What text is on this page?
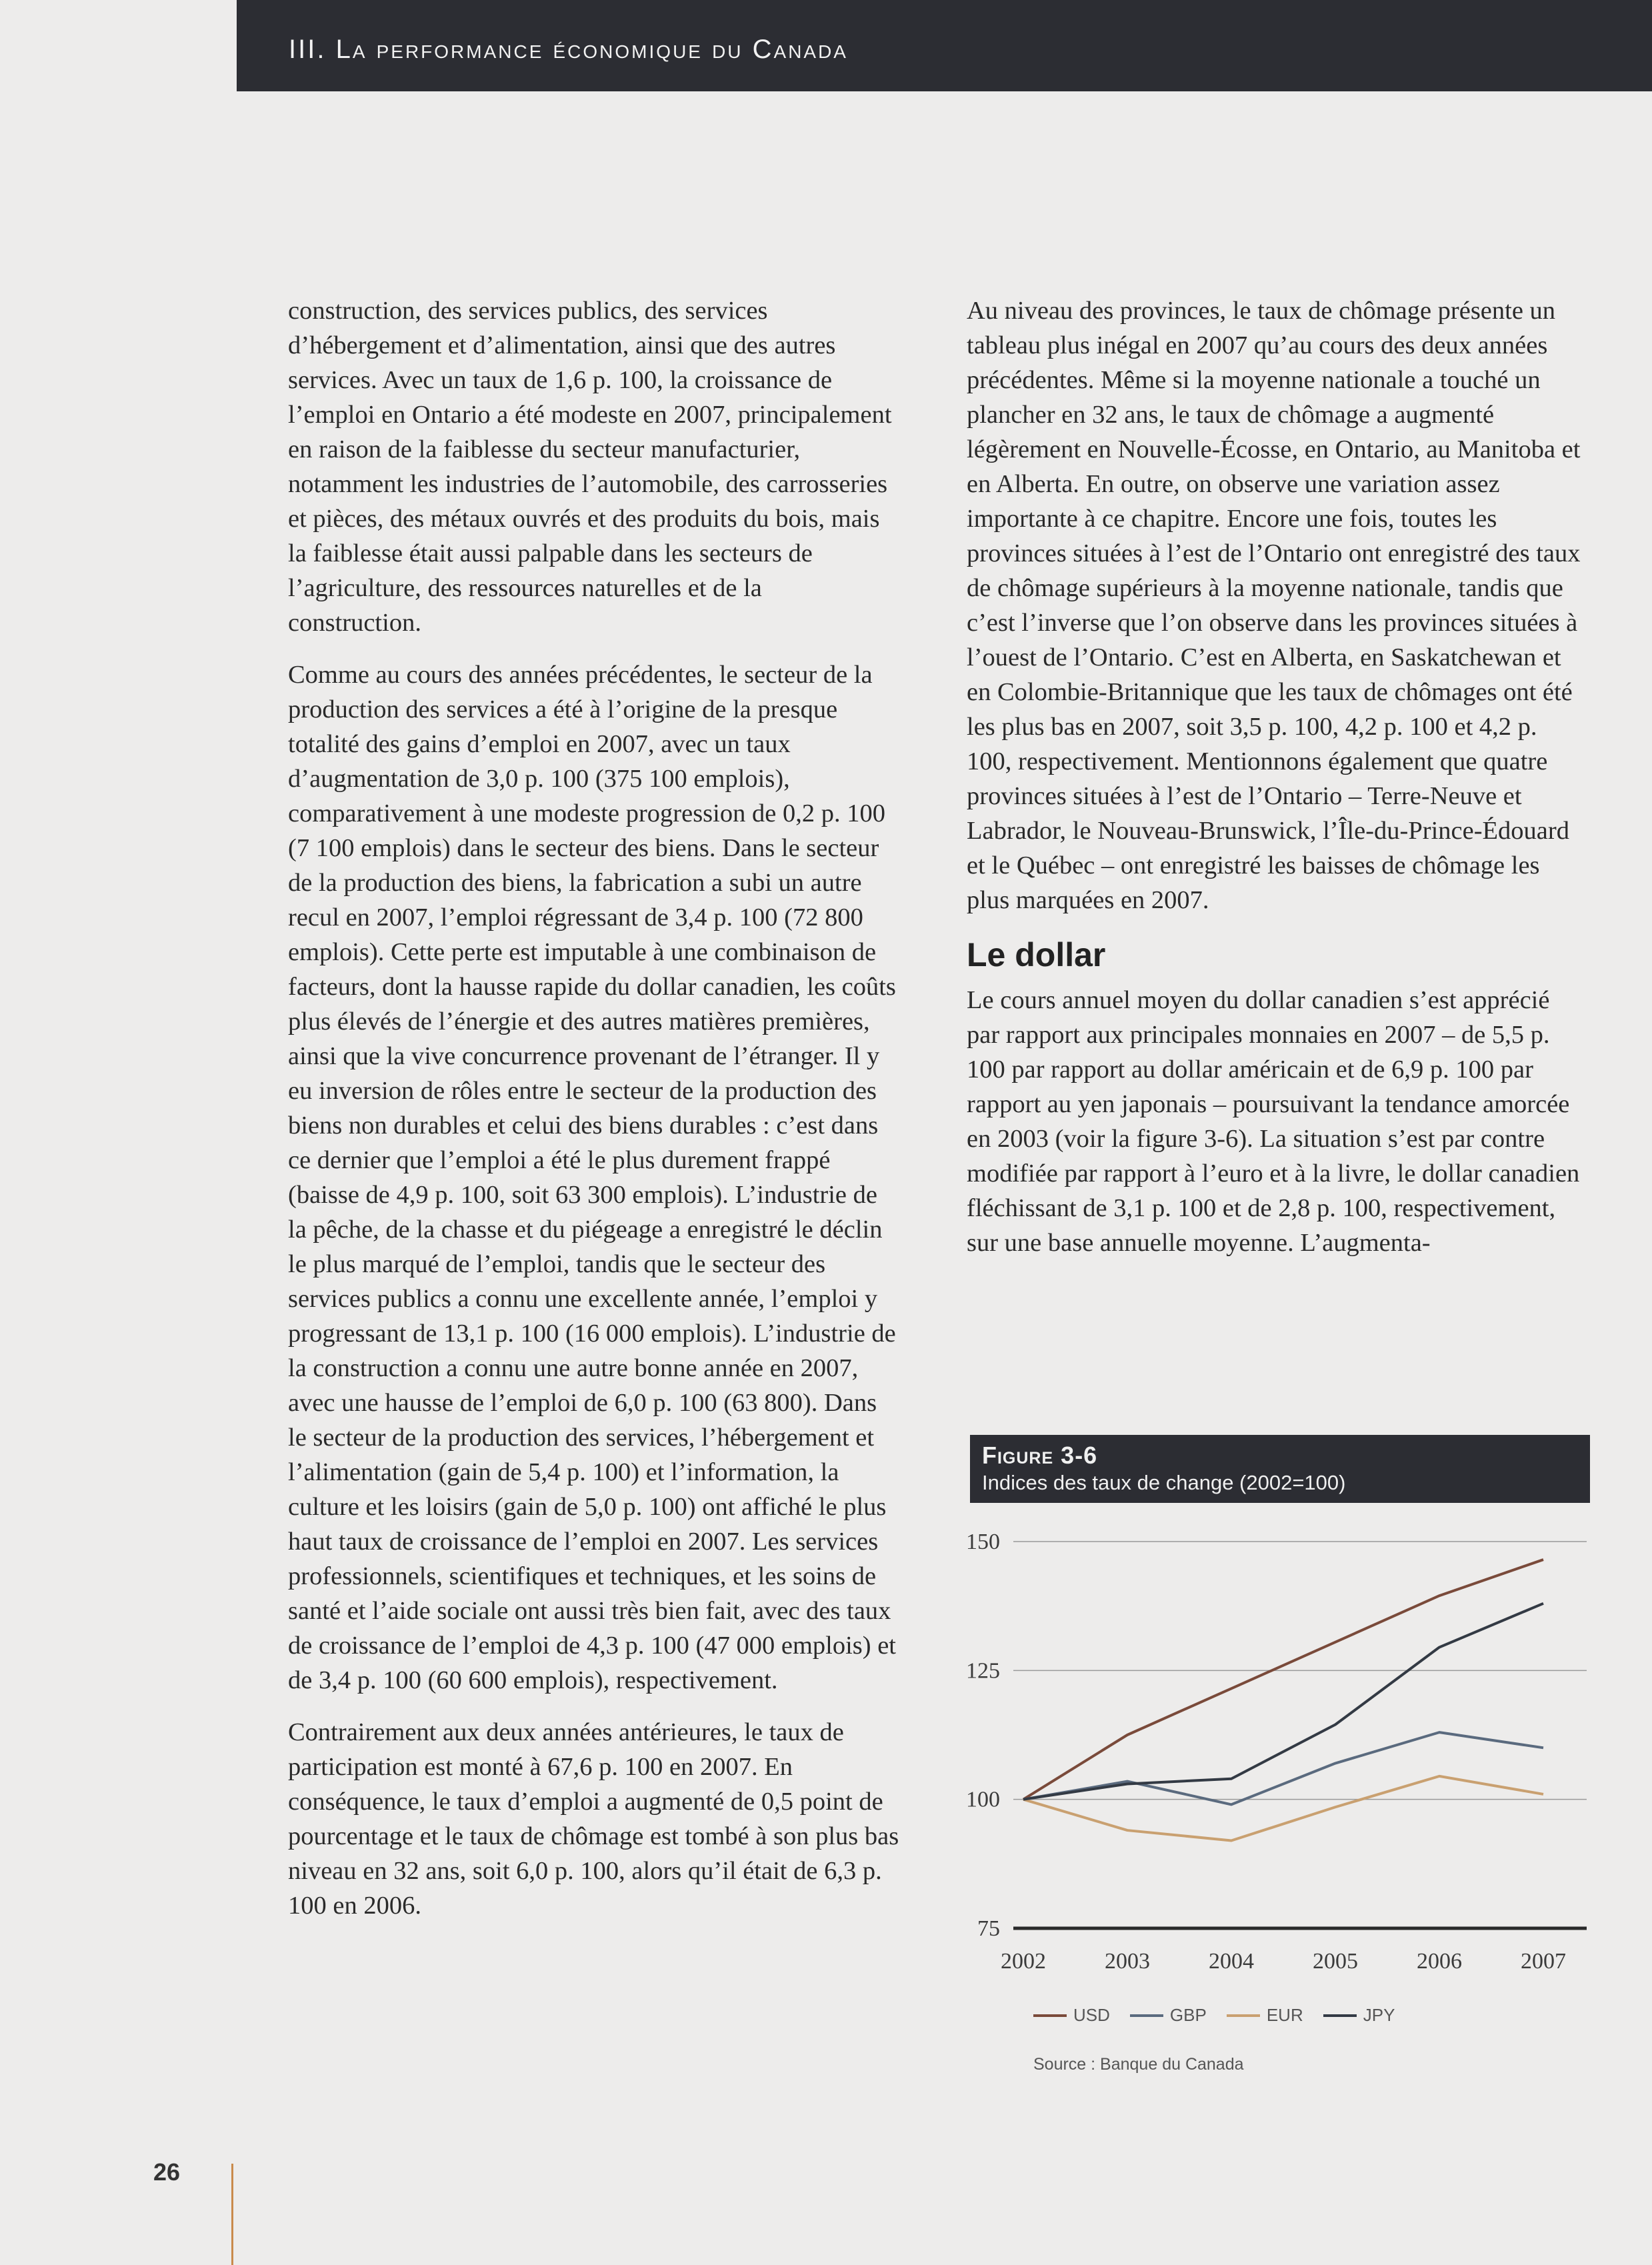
III. La performance économique du Canada

construction, des services publics, des services d’hébergement et d’alimentation, ainsi que des autres services. Avec un taux de 1,6 p. 100, la croissance de l’emploi en Ontario a été modeste en 2007, principalement en raison de la faiblesse du secteur manufacturier, notamment les industries de l’automobile, des carrosseries et pièces, des métaux ouvrés et des produits du bois, mais la faiblesse était aussi palpable dans les secteurs de l’agriculture, des ressources naturelles et de la construction.

Comme au cours des années précédentes, le secteur de la production des services a été à l’origine de la presque totalité des gains d’emploi en 2007, avec un taux d’augmentation de 3,0 p. 100 (375 100 emplois), comparativement à une modeste progression de 0,2 p. 100 (7 100 emplois) dans le secteur des biens. Dans le secteur de la production des biens, la fabrication a subi un autre recul en 2007, l’emploi régressant de 3,4 p. 100 (72 800 emplois). Cette perte est imputable à une combinaison de facteurs, dont la hausse rapide du dollar canadien, les coûts plus élevés de l’énergie et des autres matières premières, ainsi que la vive concurrence provenant de l’étranger. Il y eu inversion de rôles entre le secteur de la production des biens non durables et celui des biens durables : c’est dans ce dernier que l’emploi a été le plus durement frappé (baisse de 4,9 p. 100, soit 63 300 emplois). L’industrie de la pêche, de la chasse et du piégeage a enregistré le déclin le plus marqué de l’emploi, tandis que le secteur des services publics a connu une excellente année, l’emploi y progressant de 13,1 p. 100 (16 000 emplois). L’industrie de la construction a connu une autre bonne année en 2007, avec une hausse de l’emploi de 6,0 p. 100 (63 800). Dans le secteur de la production des services, l’hébergement et l’alimentation (gain de 5,4 p. 100) et l’information, la culture et les loisirs (gain de 5,0 p. 100) ont affiché le plus haut taux de croissance de l’emploi en 2007. Les services professionnels, scientifiques et techniques, et les soins de santé et l’aide sociale ont aussi très bien fait, avec des taux de croissance de l’emploi de 4,3 p. 100 (47 000 emplois) et de 3,4 p. 100 (60 600 emplois), respectivement.

Contrairement aux deux années antérieures, le taux de participation est monté à 67,6 p. 100 en 2007. En conséquence, le taux d’emploi a augmenté de 0,5 point de pourcentage et le taux de chômage est tombé à son plus bas niveau en 32 ans, soit 6,0 p. 100, alors qu’il était de 6,3 p. 100 en 2006.

Au niveau des provinces, le taux de chômage présente un tableau plus inégal en 2007 qu’au cours des deux années précédentes. Même si la moyenne nationale a touché un plancher en 32 ans, le taux de chômage a augmenté légèrement en Nouvelle-Écosse, en Ontario, au Manitoba et en Alberta. En outre, on observe une variation assez importante à ce chapitre. Encore une fois, toutes les provinces situées à l’est de l’Ontario ont enregistré des taux de chômage supérieurs à la moyenne nationale, tandis que c’est l’inverse que l’on observe dans les provinces situées à l’ouest de l’Ontario. C’est en Alberta, en Saskatchewan et en Colombie-Britannique que les taux de chômages ont été les plus bas en 2007, soit 3,5 p. 100, 4,2 p. 100 et 4,2 p. 100, respectivement. Mentionnons également que quatre provinces situées à l’est de l’Ontario – Terre-Neuve et Labrador, le Nouveau-Brunswick, l’Île-du-Prince-Édouard et le Québec – ont enregistré les baisses de chômage les plus marquées en 2007.

Le dollar

Le cours annuel moyen du dollar canadien s’est apprécié par rapport aux principales monnaies en 2007 – de 5,5 p. 100 par rapport au dollar américain et de 6,9 p. 100 par rapport au yen japonais – poursuivant la tendance amorcée en 2003 (voir la figure 3-6). La situation s’est par contre modifiée par rapport à l’euro et à la livre, le dollar canadien fléchissant de 3,1 p. 100 et de 2,8 p. 100, respectivement, sur une base annuelle moyenne. L’augmenta-

Figure 3-6
Indices des taux de change (2002=100)
150
125
100
75
2002	2003	2004	2005	2006	2007
USD	GBP	EUR	JPY
Source : Banque du Canada
26
